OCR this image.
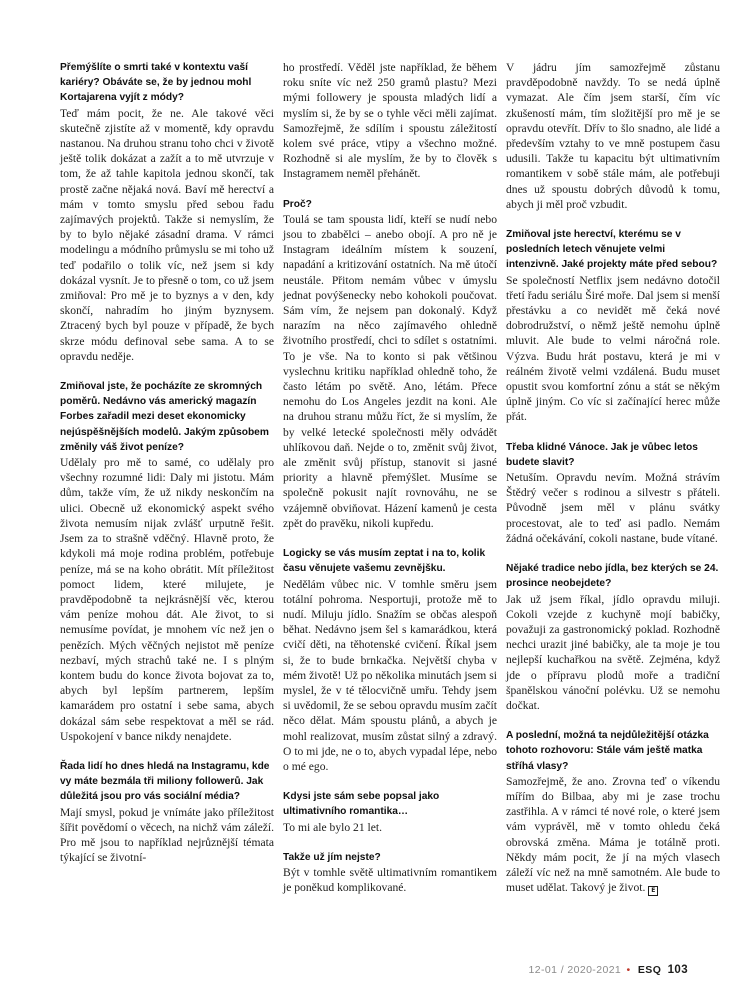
Přemýšlíte o smrti také v kontextu vaší kariéry? Obáváte se, že by jednou mohl Kortajarena vyjít z módy?

Teď mám pocit, že ne. Ale takové věci skutečně zjistíte až v momentě, kdy opravdu nastanou. Na druhou stranu toho chci v životě ještě tolik dokázat a zažít a to mě utvrzuje v tom, že až tahle kapitola jednou skončí, tak prostě začne nějaká nová. Baví mě herectví a mám v tomto smyslu před sebou řadu zajímavých projektů. Takže si nemyslím, že by to bylo nějaké zásadní drama. V rámci modelingu a módního průmyslu se mi toho už teď podařilo o tolik víc, než jsem si kdy dokázal vysnít. Je to přesně o tom, co už jsem zmiňoval: Pro mě je to byznys a v den, kdy skončí, nahradím ho jiným byznysem. Ztracený bych byl pouze v případě, že bych skrze módu definoval sebe sama. A to se opravdu neděje.

Zmiňoval jste, že pocházíte ze skromných poměrů. Nedávno vás americký magazín Forbes zařadil mezi deset ekonomicky nejúspěšnějších modelů. Jakým způsobem změnily váš život peníze?

Udělaly pro mě to samé, co udělaly pro všechny rozumné lidi: Daly mi jistotu. Mám dům, takže vím, že už nikdy neskončím na ulici. Obecně už ekonomický aspekt svého života nemusím nijak zvlášť urputně řešit. Jsem za to strašně vděčný. Hlavně proto, že kdykoli má moje rodina problém, potřebuje peníze, má se na koho obrátit. Mít příležitost pomoct lidem, které milujete, je pravděpodobně ta nejkrásnější věc, kterou vám peníze mohou dát. Ale život, to si nemusíme povídat, je mnohem víc než jen o penězích. Mých věčných nejistot mě peníze nezbaví, mých strachů také ne. I s plným kontem budu do konce života bojovat za to, abych byl lepším partnerem, lepším kamarádem pro ostatní i sebe sama, abych dokázal sám sebe respektovat a měl se rád. Uspokojení v bance nikdy nenajdete.

Řada lidí ho dnes hledá na Instagramu, kde vy máte bezmála tři miliony followerů. Jak důležitá jsou pro vás sociální média?

Mají smysl, pokud je vnímáte jako příležitost šířit povědomí o věcech, na nichž vám záleží. Pro mě jsou to například nejrůznější témata týkající se životní-

ho prostředí. Věděl jste například, že během roku sníte víc než 250 gramů plastu? Mezi mými followery je spousta mladých lidí a myslím si, že by se o tyhle věci měli zajímat. Samozřejmě, že sdílím i spoustu záležitostí kolem své práce, vtipy a všechno možné. Rozhodně si ale myslím, že by to člověk s Instagramem neměl přehánět.

Proč?

Toulá se tam spousta lidí, kteří se nudí nebo jsou to zbabělci – anebo obojí. A pro ně je Instagram ideálním místem k souzení, napadání a kritizování ostatních. Na mě útočí neustále. Přitom nemám vůbec v úmyslu jednat povýšenecky nebo kohokoli poučovat. Sám vím, že nejsem pan dokonalý. Když narazím na něco zajímavého ohledně životního prostředí, chci to sdílet s ostatními. To je vše. Na to konto si pak většinou vyslechnu kritiku například ohledně toho, že často létám po světě. Ano, létám. Přece nemohu do Los Angeles jezdit na koni. Ale na druhou stranu můžu říct, že si myslím, že by velké letecké společnosti měly odvádět uhlíkovou daň. Nejde o to, změnit svůj život, ale změnit svůj přístup, stanovit si jasné priority a hlavně přemýšlet. Musíme se společně pokusit najít rovnováhu, ne se vzájemně obviňovat. Házení kamenů je cesta zpět do pravěku, nikoli kupředu.

Logicky se vás musím zeptat i na to, kolik času věnujete vašemu zevnějšku.

Nedělám vůbec nic. V tomhle směru jsem totální pohroma. Nesportuji, protože mě to nudí. Miluju jídlo. Snažím se občas alespoň běhat. Nedávno jsem šel s kamarádkou, která cvičí děti, na těhotenské cvičení. Říkal jsem si, že to bude brnkačka. Největší chyba v mém životě! Už po několika minutách jsem si myslel, že v té tělocvičně umřu. Tehdy jsem si uvědomil, že se sebou opravdu musím začít něco dělat. Mám spoustu plánů, a abych je mohl realizovat, musím zůstat silný a zdravý. O to mi jde, ne o to, abych vypadal lépe, nebo o mé ego.

Kdysi jste sám sebe popsal jako ultimativního romantika…

To mi ale bylo 21 let.

Takže už jím nejste?

Být v tomhle světě ultimativním romantikem je poněkud komplikované.

V jádru jím samozřejmě zůstanu pravděpodobně navždy. To se nedá úplně vymazat. Ale čím jsem starší, čím víc zkušeností mám, tím složitější pro mě je se opravdu otevřít. Dřív to šlo snadno, ale lidé a především vztahy to ve mně postupem času udusili. Takže tu kapacitu být ultimativním romantikem v sobě stále mám, ale potřebuji dnes už spoustu dobrých důvodů k tomu, abych ji měl proč vzbudit.

Zmiňoval jste herectví, kterému se v posledních letech věnujete velmi intenzivně. Jaké projekty máte před sebou?

Se společností Netflix jsem nedávno dotočil třetí řadu seriálu Širé moře. Dal jsem si menší přestávku a co nevidět mě čeká nové dobrodružství, o němž ještě nemohu úplně mluvit. Ale bude to velmi náročná role. Výzva. Budu hrát postavu, která je mi v reálném životě velmi vzdálená. Budu muset opustit svou komfortní zónu a stát se někým úplně jiným. Co víc si začínající herec může přát.

Třeba klidné Vánoce. Jak je vůbec letos budete slavit?

Netuším. Opravdu nevím. Možná strávím Štědrý večer s rodinou a silvestr s přáteli. Původně jsem měl v plánu svátky procestovat, ale to teď asi padlo. Nemám žádná očekávání, cokoli nastane, bude vítané.

Nějaké tradice nebo jídla, bez kterých se 24. prosince neobejdete?

Jak už jsem říkal, jídlo opravdu miluji. Cokoli vzejde z kuchyně mojí babičky, považuji za gastronomický poklad. Rozhodně nechci urazit jiné babičky, ale ta moje je tou nejlepší kuchařkou na světě. Zejména, když jde o přípravu plodů moře a tradiční španělskou vánoční polévku. Už se nemohu dočkat.

A poslední, možná ta nejdůležitější otázka tohoto rozhovoru: Stále vám ještě matka stříhá vlasy?

Samozřejmě, že ano. Zrovna teď o víkendu mířím do Bilbaa, aby mi je zase trochu zastřihla. A v rámci té nové role, o které jsem vám vyprávěl, mě v tomto ohledu čeká obrovská změna. Máma je totálně proti. Někdy mám pocit, že jí na mých vlasech záleží víc než na mně samotném. Ale bude to muset udělat. Takový je život. E

12-01 / 2020-2021 • ESQ 103
